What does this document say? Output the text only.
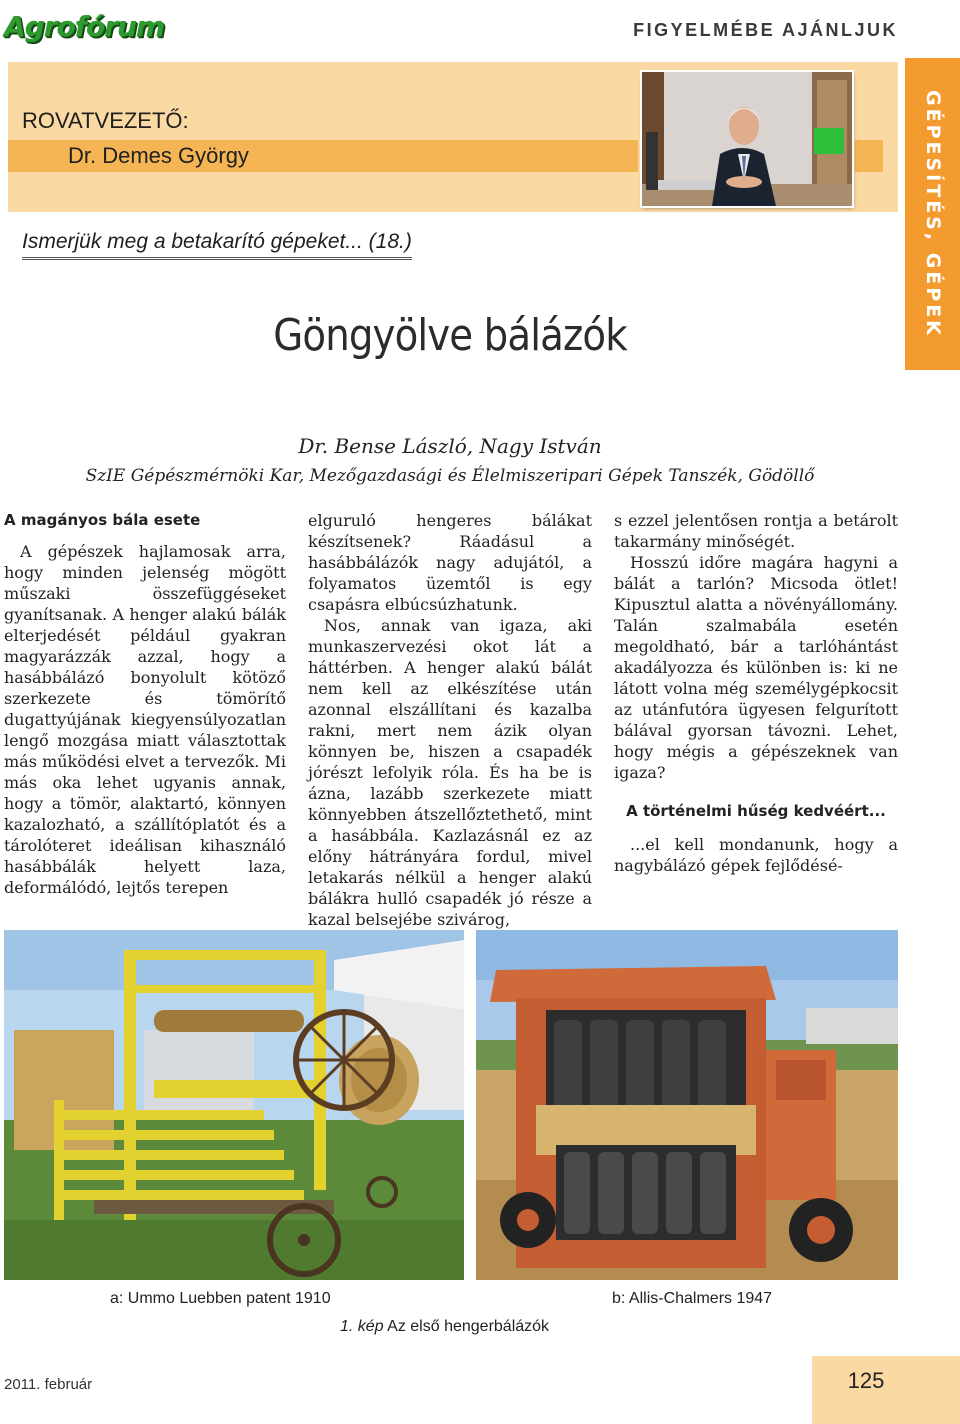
Agrofórum	FIGYELMÉBE AJÁNLJUK
ROVATVEZETŐ:
Dr. Demes György	GÉPESÍTÉS, GÉPEK
Ismerjük meg a betakarító gépeket... (18.)
Göngyölve bálázók
Dr. Bense László, Nagy István
SzIE Gépészmérnöki Kar, Mezőgazdasági és Élelmiszeripari Gépek Tanszék, Gödöllő
A magányos bála esete

A gépészek hajlamosak arra, hogy minden jelenség mögött műszaki összefüggéseket gyanítsanak. A henger alakú bálák elterjedését például gyakran magyarázzák azzal, hogy a hasábbálázó bonyolult kötöző szerkezete és tömörítő dugattyújának kiegyensúlyozatlan lengő mozgása miatt választottak más működési elvet a tervezők. Mi más oka lehet ugyanis annak, hogy a tömör, alaktartó, könnyen kazalozható, a szállítóplatót és a tárolóteret ideálisan kihasználó hasábbálák helyett laza, deformálódó, lejtős terepen

elguruló hengeres bálákat készítsenek? Ráadásul a hasábbálázók nagy adujától, a folyamatos üzemtől is egy csapásra elbúcsúzhatunk.

Nos, annak van igaza, aki munkaszervezési okot lát a háttérben. A henger alakú bálát nem kell az elkészítése után azonnal elszállítani és kazalba rakni, mert nem ázik olyan könnyen be, hiszen a csapadék jórészt lefolyik róla. És ha be is ázna, lazább szerkezete miatt könnyebben átszellőztethető, mint a hasábbála. Kazlazásnál ez az előny hátrányára fordul, mivel letakarás nélkül a henger alakú bálákra hulló csapadék jó része a kazal belsejébe szivárog,

s ezzel jelentősen rontja a betárolt takarmány minőségét.

Hosszú időre magára hagyni a bálát a tarlón? Micsoda ötlet! Kipusztul alatta a növényállomány. Talán szalmabála esetén megoldható, bár a tarlóhántást akadályozza és különben is: ki ne látott volna még személygépkocsit az utánfutóra ügyesen felgurított bálával gyorsan távozni. Lehet, hogy mégis a gépészeknek van igaza?

A történelmi hűség kedvéért...

...el kell mondanunk, hogy a nagybálázó gépek fejlődésé-

a: Ummo Luebben patent 1910	b: Allis-Chalmers 1947
1. kép Az első hengerbálázók
2011. február	125
